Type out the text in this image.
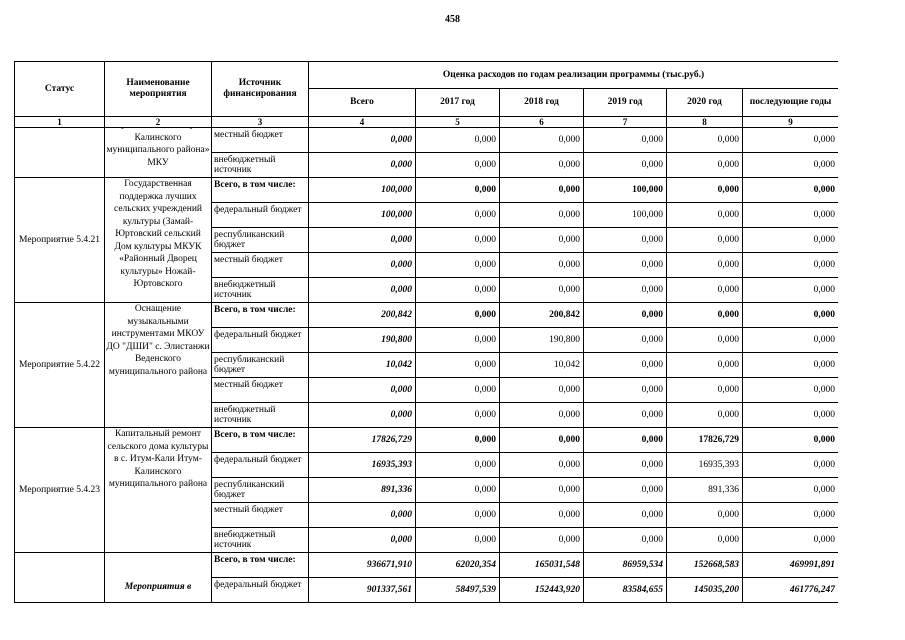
458
Статус	Наименование мероприятия	Источник финансирования	Оценка расходов по годам реализации программы (тыс.руб.)					
			Всего	2017 год	2018 год	2019 год	2020 год	последующие годы
1	2	3	4	5	6	7	8	9

	Калинского муниципального района» МКУ	местный бюджет	0,000	0,000	0,000	0,000	0,000	0,000

		внебюджетный источник	0,000	0,000	0,000	0,000	0,000	0,000
Мероприятие 5.4.21	Государственная поддержка лучших сельских учреждений культуры (Замай-Юртовский сельский Дом культуры МКУК «Районный Дворец культуры» Ножай-Юртовского	Всего, в том числе:	100,000	0,000	0,000	100,000	0,000	0,000

		федеральный бюджет	100,000	0,000	0,000	100,000	0,000	0,000

		республиканский бюджет	0,000	0,000	0,000	0,000	0,000	0,000

		местный бюджет	0,000	0,000	0,000	0,000	0,000	0,000

		внебюджетный источник	0,000	0,000	0,000	0,000	0,000	0,000
Мероприятие 5.4.22	Оснащение музыкальными инструментами МКОУ ДО "ДШИ" с. Элистанжи Веденского муниципального района	Всего, в том числе:	200,842	0,000	200,842	0,000	0,000	0,000

		федеральный бюджет	190,800	0,000	190,800	0,000	0,000	0,000

		республиканский бюджет	10,042	0,000	10,042	0,000	0,000	0,000

		местный бюджет	0,000	0,000	0,000	0,000	0,000	0,000

		внебюджетный источник	0,000	0,000	0,000	0,000	0,000	0,000
Мероприятие 5.4.23	Капитальный ремонт сельского дома культуры в с. Итум-Кали Итум-Калинского муниципального района	Всего, в том числе:	17826,729	0,000	0,000	0,000	17826,729	0,000

		федеральный бюджет	16935,393	0,000	0,000	0,000	16935,393	0,000

		республиканский бюджет	891,336	0,000	0,000	0,000	891,336	0,000

		местный бюджет	0,000	0,000	0,000	0,000	0,000	0,000

		внебюджетный источник	0,000	0,000	0,000	0,000	0,000	0,000

	Мероприятия в	Всего, в том числе:	936671,910	62020,354	165031,548	86959,534	152668,583	469991,891

		федеральный бюджет	901337,561	58497,539	152443,920	83584,655	145035,200	461776,247
